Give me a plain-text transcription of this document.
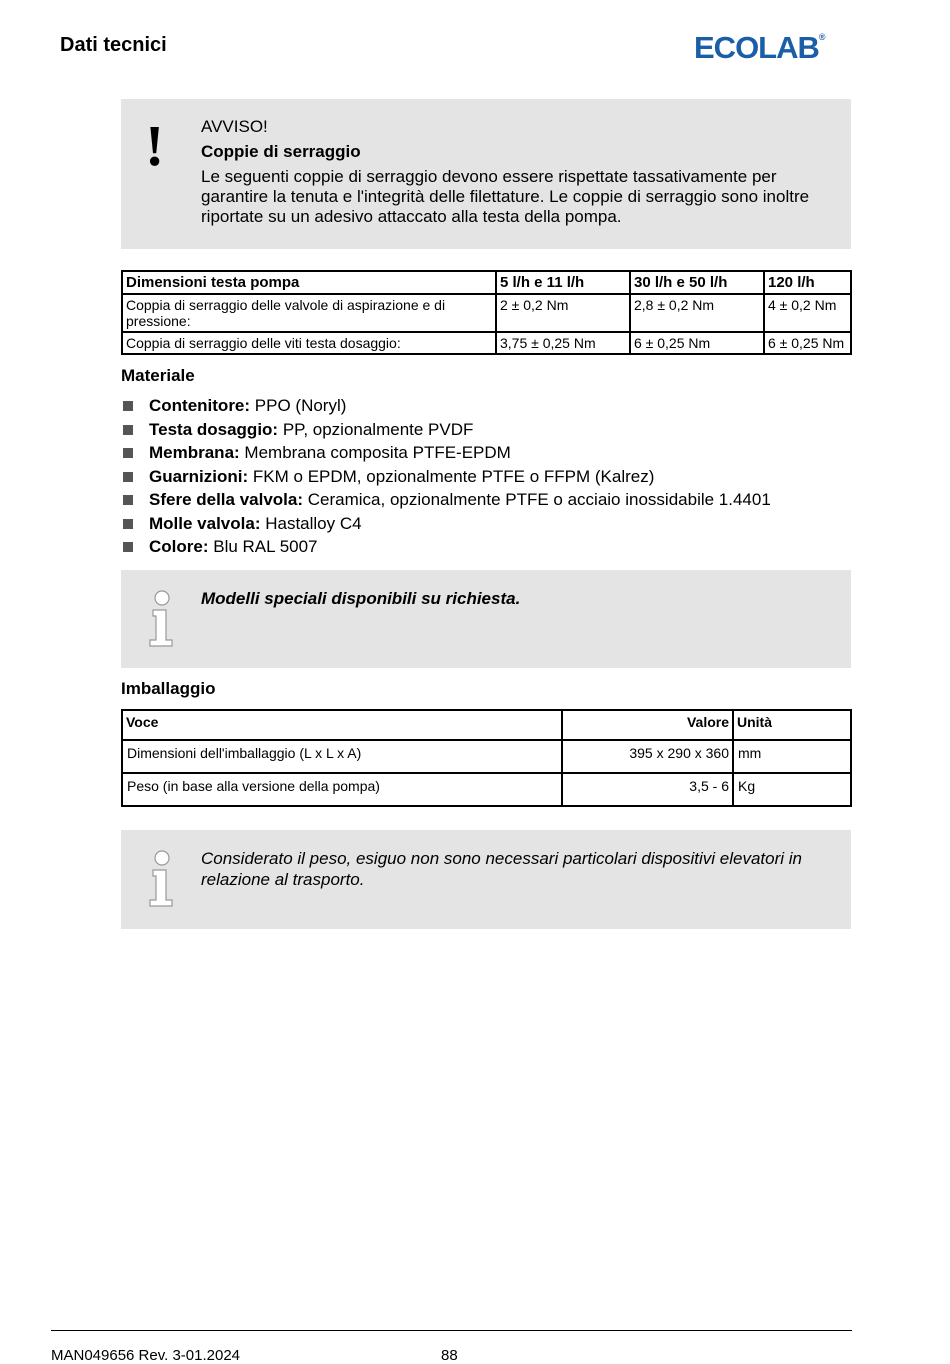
Dati tecnici	ECOLAB®
! AVVISO!
Coppie di serraggio
Le seguenti coppie di serraggio devono essere rispettate tassativamente per garantire la tenuta e l'integrità delle filettature. Le coppie di serraggio sono inoltre riportate su un adesivo attaccato alla testa della pompa.
Dimensioni testa pompa	5 l/h e 11 l/h	30 l/h e 50 l/h	120 l/h
Coppia di serraggio delle valvole di aspirazione e di pressione:	2 ± 0,2 Nm	2,8 ± 0,2 Nm	4 ± 0,2 Nm
Coppia di serraggio delle viti testa dosaggio:	3,75 ± 0,25 Nm	6 ± 0,25 Nm	6 ± 0,25 Nm
Materiale
Contenitore: PPO (Noryl)
Testa dosaggio: PP, opzionalmente PVDF
Membrana: Membrana composita PTFE-EPDM
Guarnizioni: FKM o EPDM, opzionalmente PTFE o FFPM (Kalrez)
Sfere della valvola: Ceramica, opzionalmente PTFE o acciaio inossidabile 1.4401
Molle valvola: Hastalloy C4
Colore: Blu RAL 5007
Modelli speciali disponibili su richiesta.
Imballaggio
Voce	Valore	Unità
Dimensioni dell'imballaggio (L x L x A)	395 x 290 x 360	mm
Peso (in base alla versione della pompa)	3,5 - 6	Kg
Considerato il peso, esiguo non sono necessari particolari dispositivi elevatori in relazione al trasporto.
MAN049656 Rev. 3-01.2024	88
